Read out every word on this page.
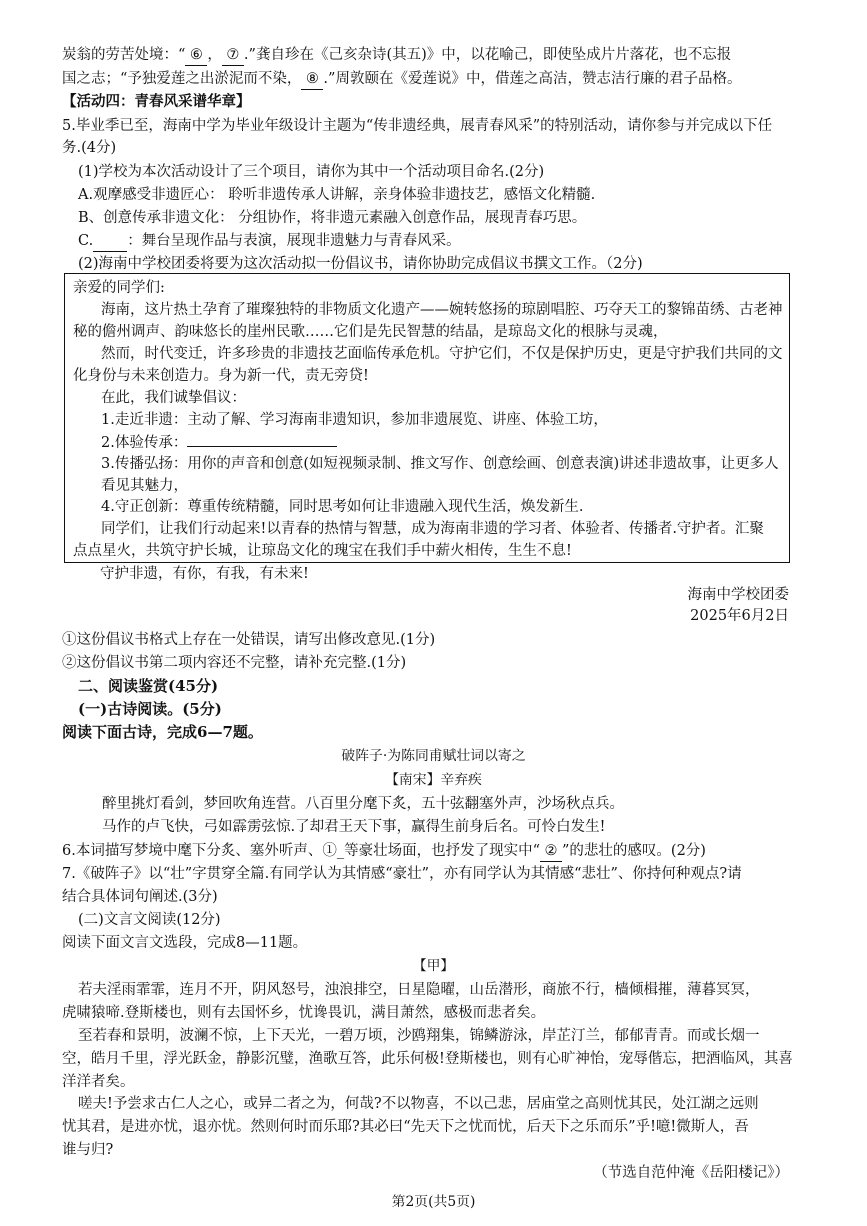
炭翁的劳苦处境：“ ⑥ ， ⑦ .”龚自珍在《己亥杂诗(其五)》中，以花喻己，即使坠成片片落花，也不忘报
国之志；“予独爱莲之出淤泥而不染， ⑧ .”周敦颐在《爱莲说》中，借莲之高洁，赞志洁行廉的君子品格。
【活动四：青春风采谱华章】
5.毕业季已至，海南中学为毕业年级设计主题为“传非遗经典，展青春风采”的特别活动，请你参与并完成以下任
务.(4分)
(1)学校为本次活动设计了三个项目，请你为其中一个活动项目命名.(2分)
A.观摩感受非遗匠心： 聆听非遗传承人讲解，亲身体验非遗技艺，感悟文化精髓.
B、创意传承非遗文化： 分组协作，将非遗元素融入创意作品，展现青春巧思。
C. ：舞台呈现作品与表演，展现非遗魅力与青春风采。
(2)海南中学校团委将要为这次活动拟一份倡议书，请你协助完成倡议书撰文工作。（2分)
亲爱的同学们:
海南，这片热土孕育了璀璨独特的非物质文化遗产——婉转悠扬的琼剧唱腔、巧夺天工的黎锦苗绣、古老神
秘的儋州调声、韵味悠长的崖州民歌……它们是先民智慧的结晶，是琼岛文化的根脉与灵魂，
然而，时代变迁，许多珍贵的非遗技艺面临传承危机。守护它们，不仅是保护历史，更是守护我们共同的文
化身份与未来创造力。身为新一代，责无旁贷!
在此，我们诚挚倡议：
1.走近非遗：主动了解、学习海南非遗知识，参加非遗展览、讲座、体验工坊，
2.体验传承：
3.传播弘扬：用你的声音和创意(如短视频录制、推文写作、创意绘画、创意表演)讲述非遗故事，让更多人
看见其魅力，
4.守正创新：尊重传统精髓，同时思考如何让非遗融入现代生活，焕发新生.
同学们，让我们行动起来!以青春的热情与智慧，成为海南非遗的学习者、体验者、传播者.守护者。汇聚
点点星火，共筑守护长城，让琼岛文化的瑰宝在我们手中薪火相传，生生不息!
守护非遗，有你，有我，有未来!
海南中学校团委
2025年6月2日
①这份倡议书格式上存在一处错误，请写出修改意见.(1分)
②这份倡议书第二项内容还不完整，请补充完整.(1分)
二、阅读鉴赏(45分)
(一)古诗阅读。(5分)
阅读下面古诗，完成6—7题。
破阵子·为陈同甫赋壮词以寄之
【南宋】辛弃疾
醉里挑灯看剑，梦回吹角连营。八百里分麾下炙，五十弦翻塞外声，沙场秋点兵。
马作的卢飞快，弓如霹雳弦惊.了却君王天下事，赢得生前身后名。可怜白发生!
6.本词描写梦境中麾下分炙、塞外听声、①_等豪壮场面，也抒发了现实中“ ② ”的悲壮的感叹。(2分)
7.《破阵子》以“壮”字贯穿全篇.有同学认为其情感“豪壮”，亦有同学认为其情感“悲壮”、你持何种观点?请
结合具体词句阐述.(3分)
(二)文言文阅读(12分)
阅读下面文言文选段，完成8—11题。
【甲】
若夫淫雨霏霏，连月不开，阴风怒号，浊浪排空，日星隐曜，山岳潜形，商旅不行，樯倾楫摧，薄暮冥冥，
虎啸猿啼.登斯楼也，则有去国怀乡，忧谗畏讥，满目萧然，感极而悲者矣。
至若春和景明，波澜不惊，上下天光，一碧万顷，沙鸥翔集，锦鳞游泳，岸芷汀兰，郁郁青青。而或长烟一
空，皓月千里，浮光跃金，静影沉璧，渔歌互答，此乐何极!登斯楼也，则有心旷神怡，宠辱偕忘，把酒临风，其喜
洋洋者矣。
嗟夫!予尝求古仁人之心，或异二者之为，何哉?不以物喜，不以己悲，居庙堂之高则忧其民，处江湖之远则
忧其君，是进亦忧，退亦忧。然则何时而乐耶?其必曰“先天下之忧而忧，后天下之乐而乐”乎!噫!微斯人，吾
谁与归?
（节选自范仲淹《岳阳楼记》）
第2页(共5页)
